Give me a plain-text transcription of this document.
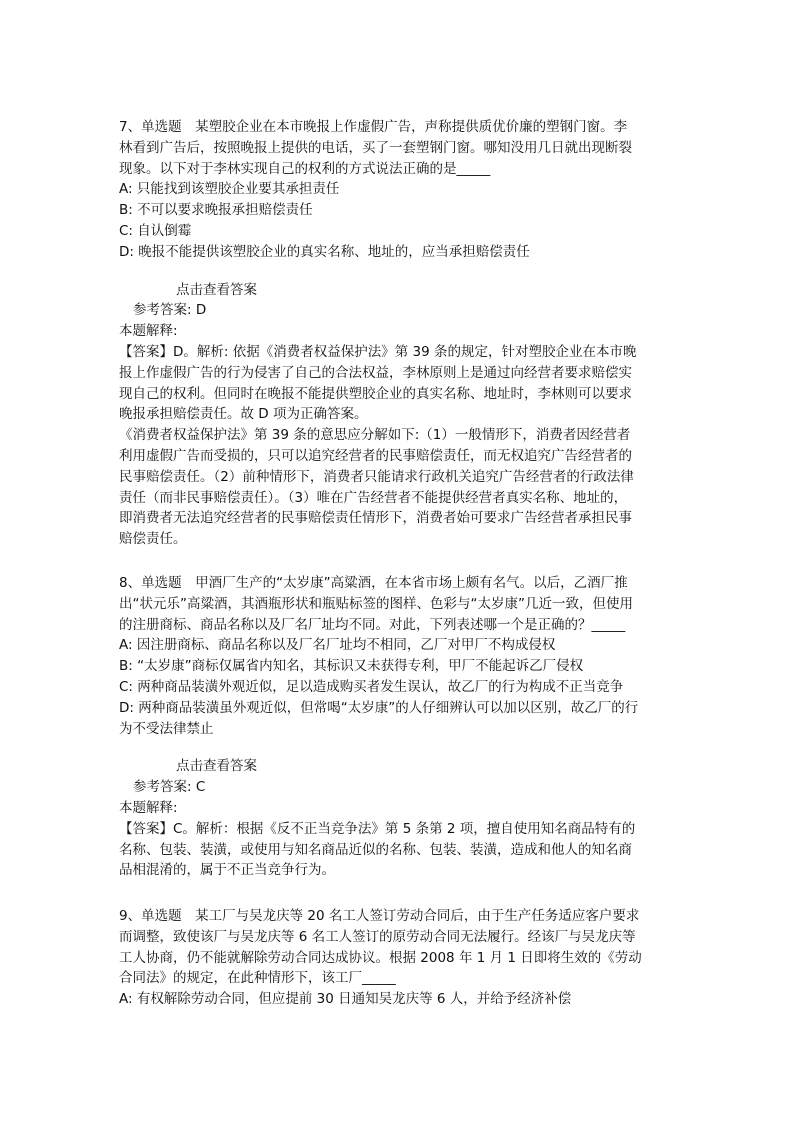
7、单选题　某塑胶企业在本市晚报上作虚假广告，声称提供质优价廉的塑钢门窗。李
林看到广告后，按照晚报上提供的电话，买了一套塑钢门窗。哪知没用几日就出现断裂
现象。以下对于李林实现自己的权利的方式说法正确的是_____
A: 只能找到该塑胶企业要其承担责任
B: 不可以要求晚报承担赔偿责任
C: 自认倒霉
D: 晚报不能提供该塑胶企业的真实名称、地址的，应当承担赔偿责任
点击查看答案
参考答案: D
本题解释:
【答案】D。解析: 依据《消费者权益保护法》第 39 条的规定，针对塑胶企业在本市晚
报上作虚假广告的行为侵害了自己的合法权益，李林原则上是通过向经营者要求赔偿实
现自己的权利。但同时在晚报不能提供塑胶企业的真实名称、地址时，李林则可以要求
晚报承担赔偿责任。故 D 项为正确答案。
《消费者权益保护法》第 39 条的意思应分解如下:（1）一般情形下，消费者因经营者
利用虚假广告而受损的，只可以追究经营者的民事赔偿责任，而无权追究广告经营者的
民事赔偿责任。（2）前种情形下，消费者只能请求行政机关追究广告经营者的行政法律
责任（而非民事赔偿责任）。（3）唯在广告经营者不能提供经营者真实名称、地址的，
即消费者无法追究经营者的民事赔偿责任情形下，消费者始可要求广告经营者承担民事
赔偿责任。
8、单选题　甲酒厂生产的“太岁康”高粱酒，在本省市场上颇有名气。以后，乙酒厂推
出“状元乐”高粱酒，其酒瓶形状和瓶贴标签的图样、色彩与“太岁康”几近一致，但使用
的注册商标、商品名称以及厂名厂址均不同。对此，下列表述哪一个是正确的？_____
A: 因注册商标、商品名称以及厂名厂址均不相同，乙厂对甲厂不构成侵权
B: “太岁康”商标仅属省内知名，其标识又未获得专利，甲厂不能起诉乙厂侵权
C: 两种商品装潢外观近似，足以造成购买者发生误认，故乙厂的行为构成不正当竞争
D: 两种商品装潢虽外观近似，但常喝“太岁康”的人仔细辨认可以加以区别，故乙厂的行
为不受法律禁止
点击查看答案
参考答案: C
本题解释:
【答案】C。解析：根据《反不正当竞争法》第 5 条第 2 项，擅自使用知名商品特有的
名称、包装、装潢，或使用与知名商品近似的名称、包装、装潢，造成和他人的知名商
品相混淆的，属于不正当竞争行为。
9、单选题　某工厂与吴龙庆等 20 名工人签订劳动合同后，由于生产任务适应客户要求
而调整，致使该厂与吴龙庆等 6 名工人签订的原劳动合同无法履行。经该厂与吴龙庆等
工人协商，仍不能就解除劳动合同达成协议。根据 2008 年 1 月 1 日即将生效的《劳动
合同法》的规定，在此种情形下，该工厂_____
A: 有权解除劳动合同，但应提前 30 日通知吴龙庆等 6 人，并给予经济补偿
